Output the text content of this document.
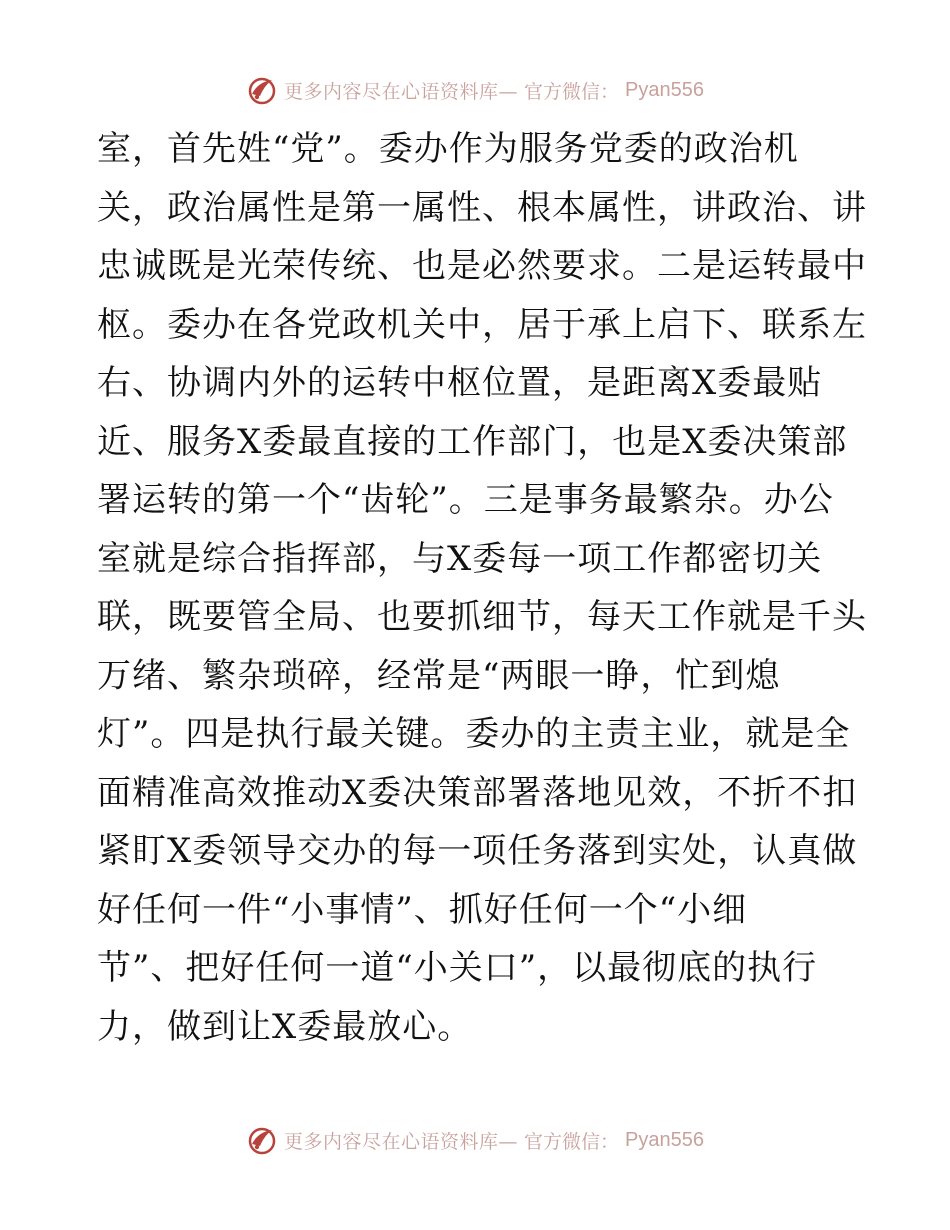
更多内容尽在心语资料库— 官方微信： Pyan556
室，首先姓“党”。委办作为服务党委的政治机
关，政治属性是第一属性、根本属性，讲政治、讲
忠诚既是光荣传统、也是必然要求。二是运转最中
枢。委办在各党政机关中，居于承上启下、联系左
右、协调内外的运转中枢位置，是距离X委最贴
近、服务X委最直接的工作部门，也是X委决策部
署运转的第一个“齿轮”。三是事务最繁杂。办公
室就是综合指挥部，与X委每一项工作都密切关
联，既要管全局、也要抓细节，每天工作就是千头
万绪、繁杂琐碎，经常是“两眼一睁，忙到熄
灯”。四是执行最关键。委办的主责主业，就是全
面精准高效推动X委决策部署落地见效，不折不扣
紧盯X委领导交办的每一项任务落到实处，认真做
好任何一件“小事情”、抓好任何一个“小细
节”、把好任何一道“小关口”，以最彻底的执行
力，做到让X委最放心。
更多内容尽在心语资料库— 官方微信： Pyan556
